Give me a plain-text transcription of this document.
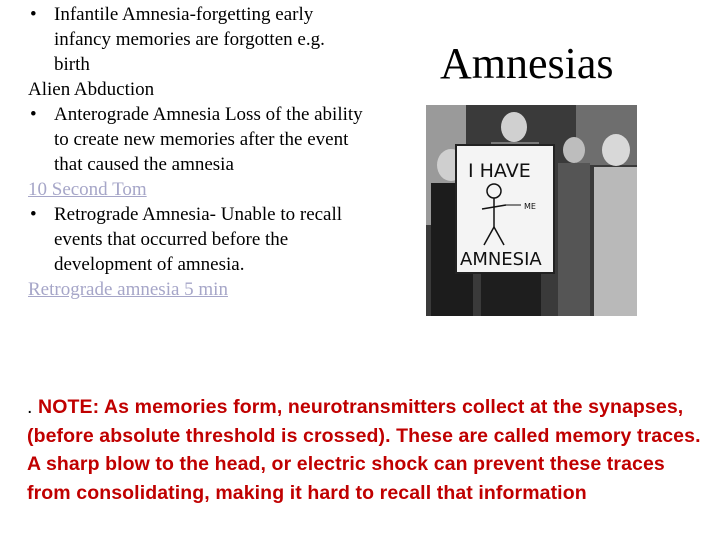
• Infantile Amnesia-forgetting early infancy memories are forgotten e.g. birth
Alien Abduction
• Anterograde Amnesia Loss of the ability to create new memories after the event that caused the amnesia
10 Second Tom
• Retrograde Amnesia- Unable to recall events that occurred before the development of amnesia.
Retrograde amnesia 5 min
Amnesias
I HAVE
ME
AMNESIA
. NOTE: As memories form, neurotransmitters collect at the synapses, (before absolute threshold is crossed). These are called memory traces. A sharp blow to the head, or electric shock can prevent these traces from consolidating, making it hard to recall that information
